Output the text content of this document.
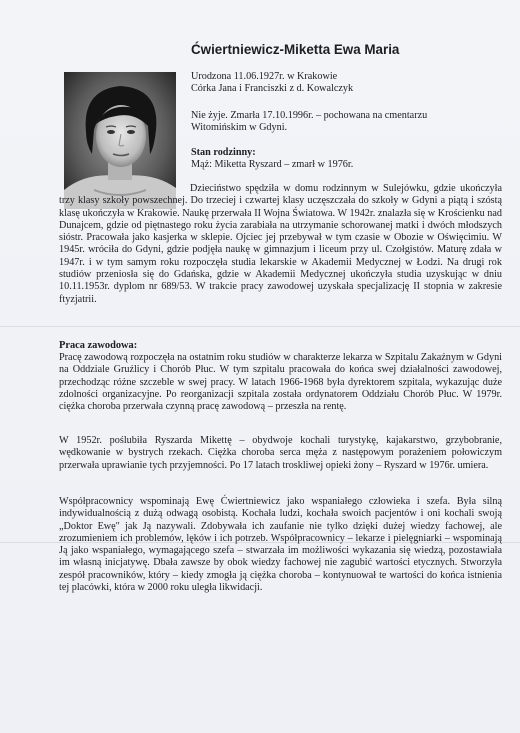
Ćwiertniewicz-Miketta Ewa Maria
Urodzona 11.06.1927r. w Krakowie
Córka Jana i Franciszki z d. Kowalczyk
Nie żyje. Zmarła 17.10.1996r. – pochowana na cmentarzu
Witomińskim w Gdyni.
Stan rodzinny:
Mąż: Miketta Ryszard – zmarł w 1976r.
Dzieciństwo spędziła w domu rodzinnym w Sulejówku, gdzie ukończyła trzy klasy szkoły powszechnej. Do trzeciej i czwartej klasy uczęszczała do szkoły w Gdyni a piątą i szóstą klasę ukończyła w Krakowie. Naukę przerwała II Wojna Światowa. W 1942r. znalazła się w Krościenku nad Dunajcem, gdzie od piętnastego roku życia zarabiała na utrzymanie schorowanej matki i dwóch młodszych sióstr. Pracowała jako kasjerka w sklepie. Ojciec jej przebywał w tym czasie w Obozie w Oświęcimiu. W 1945r. wróciła do Gdyni, gdzie podjęła naukę w gimnazjum i liceum przy ul. Czołgistów. Maturę zdała w 1947r. i w tym samym roku rozpoczęła studia lekarskie w Akademii Medycznej w Łodzi. Na drugi rok studiów przeniosła się do Gdańska, gdzie w Akademii Medycznej ukończyła studia uzyskując w dniu 10.11.1953r. dyplom nr 689/53. W trakcie pracy zawodowej uzyskała specjalizację II stopnia w zakresie ftyzjatrii.
Praca zawodowa:
Pracę zawodową rozpoczęła na ostatnim roku studiów w charakterze lekarza w Szpitalu Zakaźnym w Gdyni na Oddziale Gruźlicy i Chorób Płuc. W tym szpitalu pracowała do końca swej działalności zawodowej, przechodząc różne szczeble w swej pracy. W latach 1966-1968 była dyrektorem szpitala, wykazując duże zdolności organizacyjne. Po reorganizacji szpitala została ordynatorem Oddziału Chorób Płuc. W 1979r. ciężka choroba przerwała czynną pracę zawodową – przeszła na rentę.
W 1952r. poślubiła Ryszarda Mikettę – obydwoje kochali turystykę, kajakarstwo, grzybobranie, wędkowanie w bystrych rzekach. Ciężka choroba serca męża z następowym porażeniem połowiczym przerwała uprawianie tych przyjemności. Po 17 latach troskliwej opieki żony – Ryszard w 1976r. umiera.
Współpracownicy wspominają Ewę Ćwiertniewicz jako wspaniałego człowieka i szefa. Była silną indywidualnością z dużą odwagą osobistą. Kochała ludzi, kochała swoich pacjentów i oni kochali swoją „Doktor Ewę" jak Ją nazywali. Zdobywała ich zaufanie nie tylko dzięki dużej wiedzy fachowej, ale zrozumieniem ich problemów, lęków i ich potrzeb. Współpracownicy – lekarze i pielęgniarki – wspominają Ją jako wspaniałego, wymagającego szefa – stwarzała im możliwości wykazania się wiedzą, pozostawiała im własną inicjatywę. Dbała zawsze by obok wiedzy fachowej nie zagubić wartości etycznych. Stworzyła zespół pracowników, który – kiedy zmogła ją ciężka choroba – kontynuował te wartości do końca istnienia tej placówki, która w 2000 roku uległa likwidacji.
